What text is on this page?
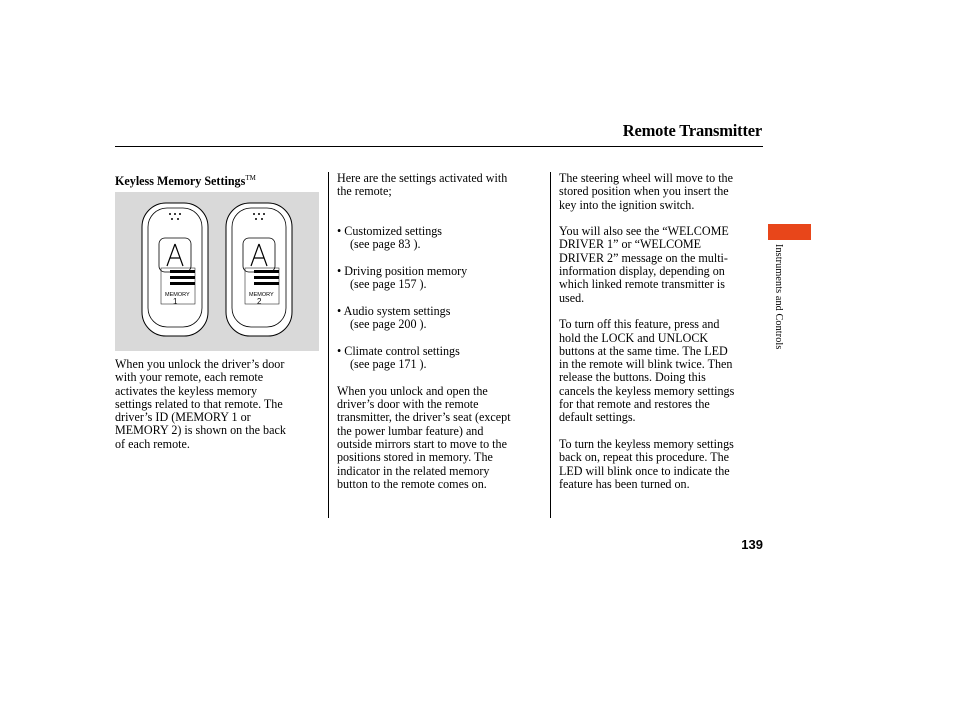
Remote Transmitter

Keyless Memory Settings™

MEMORY
1
MEMORY
2

When you unlock the driver’s door

with your remote, each remote

activates the keyless memory

settings related to that remote. The

driver’s ID (MEMORY 1 or

MEMORY 2) is shown on the back

of each remote.

Here are the settings activated with

the remote;

• Customized settings

(see page 83 ).

• Driving position memory

(see page 157 ).

• Audio system settings

(see page 200 ).

• Climate control settings

(see page 171 ).

When you unlock and open the

driver’s door with the remote

transmitter, the driver’s seat (except

the power lumbar feature) and

outside mirrors start to move to the

positions stored in memory. The

indicator in the related memory

button to the remote comes on.

The steering wheel will move to the

stored position when you insert the

key into the ignition switch.

You will also see the “WELCOME

DRIVER 1” or “WELCOME

DRIVER 2” message on the multi-

information display, depending on

which linked remote transmitter is

used.

To turn off this feature, press and

hold the LOCK and UNLOCK

buttons at the same time. The LED

in the remote will blink twice. Then

release the buttons. Doing this

cancels the keyless memory settings

for that remote and restores the

default settings.

To turn the keyless memory settings

back on, repeat this procedure. The

LED will blink once to indicate the

feature has been turned on.

Instruments and Controls
139
